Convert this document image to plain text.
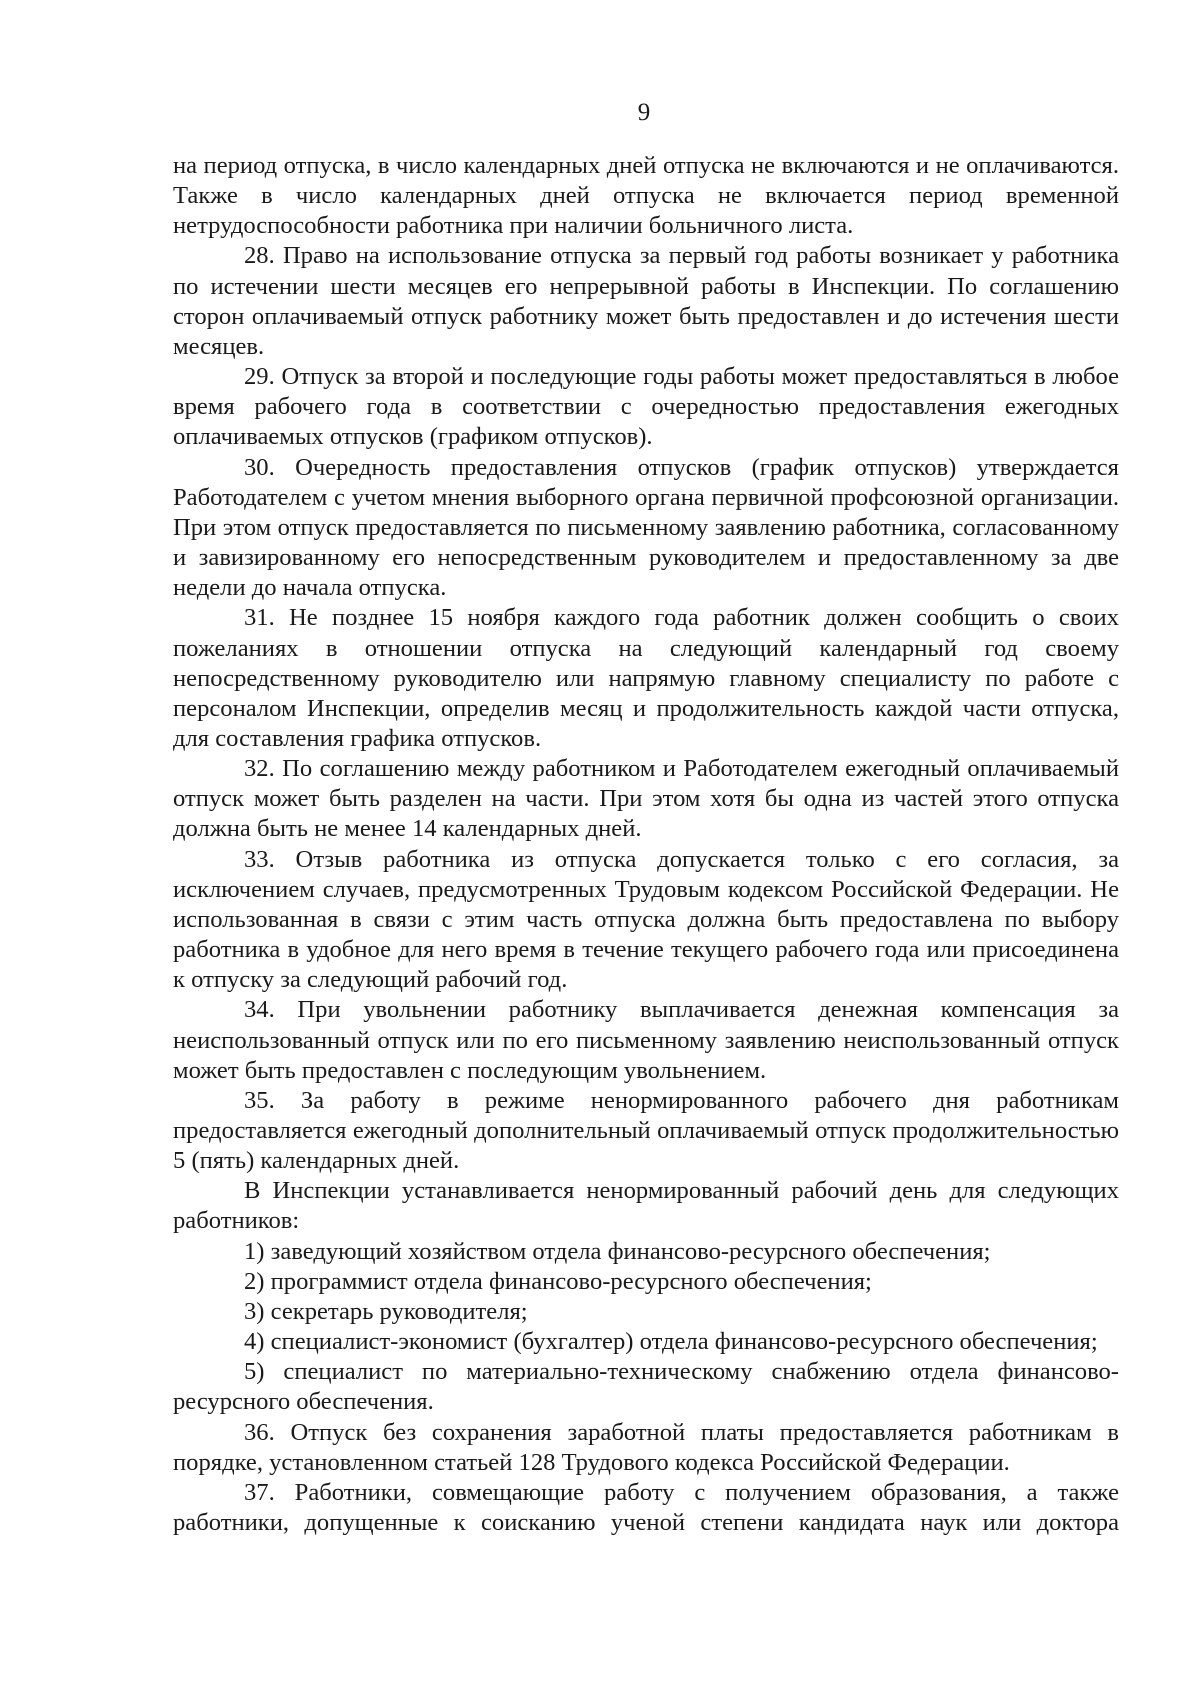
9

на период отпуска, в число календарных дней отпуска не включаются и не оплачиваются. Также в число календарных дней отпуска не включается период временной нетрудоспособности работника при наличии больничного листа.

28. Право на использование отпуска за первый год работы возникает у работника по истечении шести месяцев его непрерывной работы в Инспекции. По соглашению сторон оплачиваемый отпуск работнику может быть предоставлен и до истечения шести месяцев.

29. Отпуск за второй и последующие годы работы может предоставляться в любое время рабочего года в соответствии с очередностью предоставления ежегодных оплачиваемых отпусков (графиком отпусков).

30. Очередность предоставления отпусков (график отпусков) утверждается Работодателем с учетом мнения выборного органа первичной профсоюзной организации. При этом отпуск предоставляется по письменному заявлению работника, согласованному и завизированному его непосредственным руководителем и предоставленному за две недели до начала отпуска.

31. Не позднее 15 ноября каждого года работник должен сообщить о своих пожеланиях в отношении отпуска на следующий календарный год своему непосредственному руководителю или напрямую главному специалисту по работе с персоналом Инспекции, определив месяц и продолжительность каждой части отпуска, для составления графика отпусков.

32. По соглашению между работником и Работодателем ежегодный оплачиваемый отпуск может быть разделен на части. При этом хотя бы одна из частей этого отпуска должна быть не менее 14 календарных дней.

33. Отзыв работника из отпуска допускается только с его согласия, за исключением случаев, предусмотренных Трудовым кодексом Российской Федерации. Не использованная в связи с этим часть отпуска должна быть предоставлена по выбору работника в удобное для него время в течение текущего рабочего года или присоединена к отпуску за следующий рабочий год.

34. При увольнении работнику выплачивается денежная компенсация за неиспользованный отпуск или по его письменному заявлению неиспользованный отпуск может быть предоставлен с последующим увольнением.

35. За работу в режиме ненормированного рабочего дня работникам предоставляется ежегодный дополнительный оплачиваемый отпуск продолжительностью 5 (пять) календарных дней.

В Инспекции устанавливается ненормированный рабочий день для следующих работников:

1) заведующий хозяйством отдела финансово-ресурсного обеспечения;

2) программист отдела финансово-ресурсного обеспечения;

3) секретарь руководителя;

4) специалист-экономист (бухгалтер) отдела финансово-ресурсного обеспечения;

5) специалист по материально-техническому снабжению отдела финансово-ресурсного обеспечения.

36. Отпуск без сохранения заработной платы предоставляется работникам в порядке, установленном статьей 128 Трудового кодекса Российской Федерации.

37. Работники, совмещающие работу с получением образования, а также работники, допущенные к соисканию ученой степени кандидата наук или доктора
